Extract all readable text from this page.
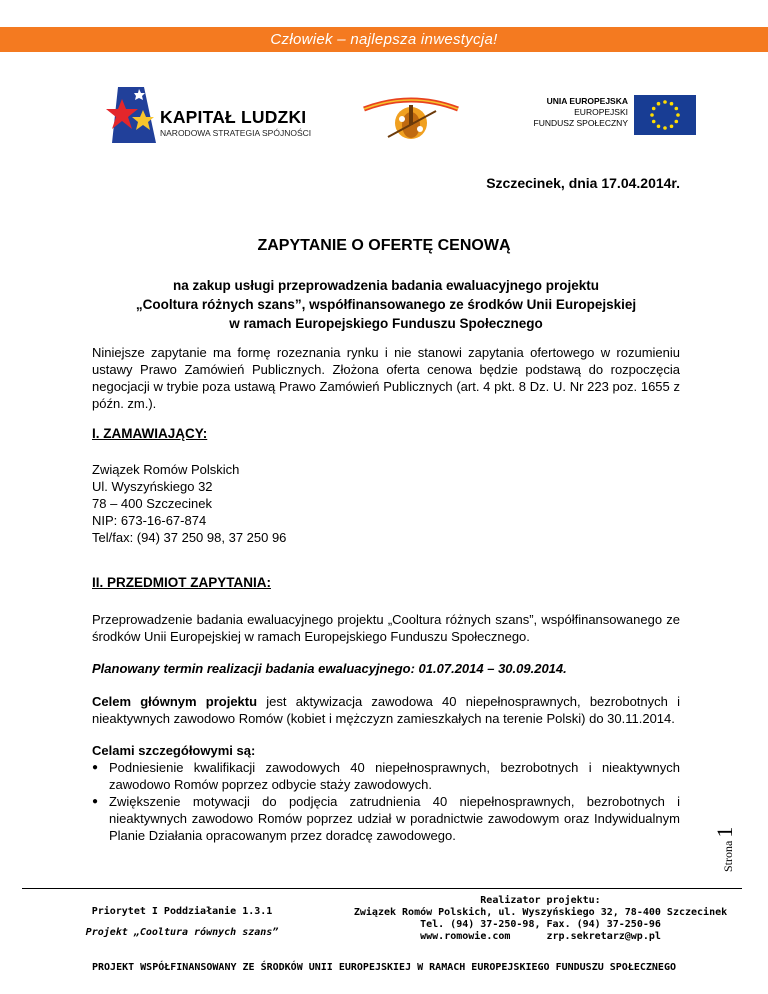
Człowiek – najlepsza inwestycja!
KAPITAŁ LUDZKI
NARODOWA STRATEGIA SPÓJNOŚCI
UNIA EUROPEJSKA
EUROPEJSKI
FUNDUSZ SPOŁECZNY
Szczecinek, dnia 17.04.2014r.
ZAPYTANIE O OFERTĘ CENOWĄ
na zakup usługi przeprowadzenia badania ewaluacyjnego projektu
„Cooltura różnych szans”, współfinansowanego ze środków Unii Europejskiej
w ramach Europejskiego Funduszu Społecznego
Niniejsze zapytanie ma formę rozeznania rynku i nie stanowi zapytania ofertowego w rozumieniu ustawy Prawo Zamówień Publicznych. Złożona oferta cenowa będzie podstawą do rozpoczęcia negocjacji w trybie poza ustawą Prawo Zamówień Publicznych (art. 4 pkt. 8 Dz. U. Nr 223 poz. 1655 z późn. zm.).
I. ZAMAWIAJĄCY:
Związek Romów Polskich
Ul. Wyszyńskiego 32
78 – 400 Szczecinek
NIP: 673-16-67-874
Tel/fax: (94) 37 250 98, 37 250 96
II. PRZEDMIOT ZAPYTANIA:
Przeprowadzenie badania ewaluacyjnego projektu „Cooltura różnych szans”, współfinansowanego ze środków Unii Europejskiej w ramach Europejskiego Funduszu Społecznego.
Planowany termin realizacji badania ewaluacyjnego: 01.07.2014 – 30.09.2014.
Celem głównym projektu jest aktywizacja zawodowa 40 niepełnosprawnych, bezrobotnych i nieaktywnych zawodowo Romów (kobiet i mężczyzn zamieszkałych na terenie Polski) do 30.11.2014.
Celami szczegółowymi są:
● Podniesienie kwalifikacji zawodowych 40 niepełnosprawnych, bezrobotnych i nieaktywnych zawodowo Romów poprzez odbycie staży zawodowych.
● Zwiększenie motywacji do podjęcia zatrudnienia 40 niepełnosprawnych, bezrobotnych i nieaktywnych zawodowo Romów poprzez udział w poradnictwie zawodowym oraz Indywidualnym Planie Działania opracowanym przez doradcę zawodowego.
Strona 1
Priorytet I Poddziałanie 1.3.1
Projekt „Cooltura równych szans”
Realizator projektu:
Związek Romów Polskich, ul. Wyszyńskiego 32, 78-400 Szczecinek
Tel. (94) 37-250-98, Fax. (94) 37-250-96
www.romowie.com	zrp.sekretarz@wp.pl
PROJEKT WSPÓŁFINANSOWANY ZE ŚRODKÓW UNII EUROPEJSKIEJ W RAMACH EUROPEJSKIEGO FUNDUSZU SPOŁECZNEGO
